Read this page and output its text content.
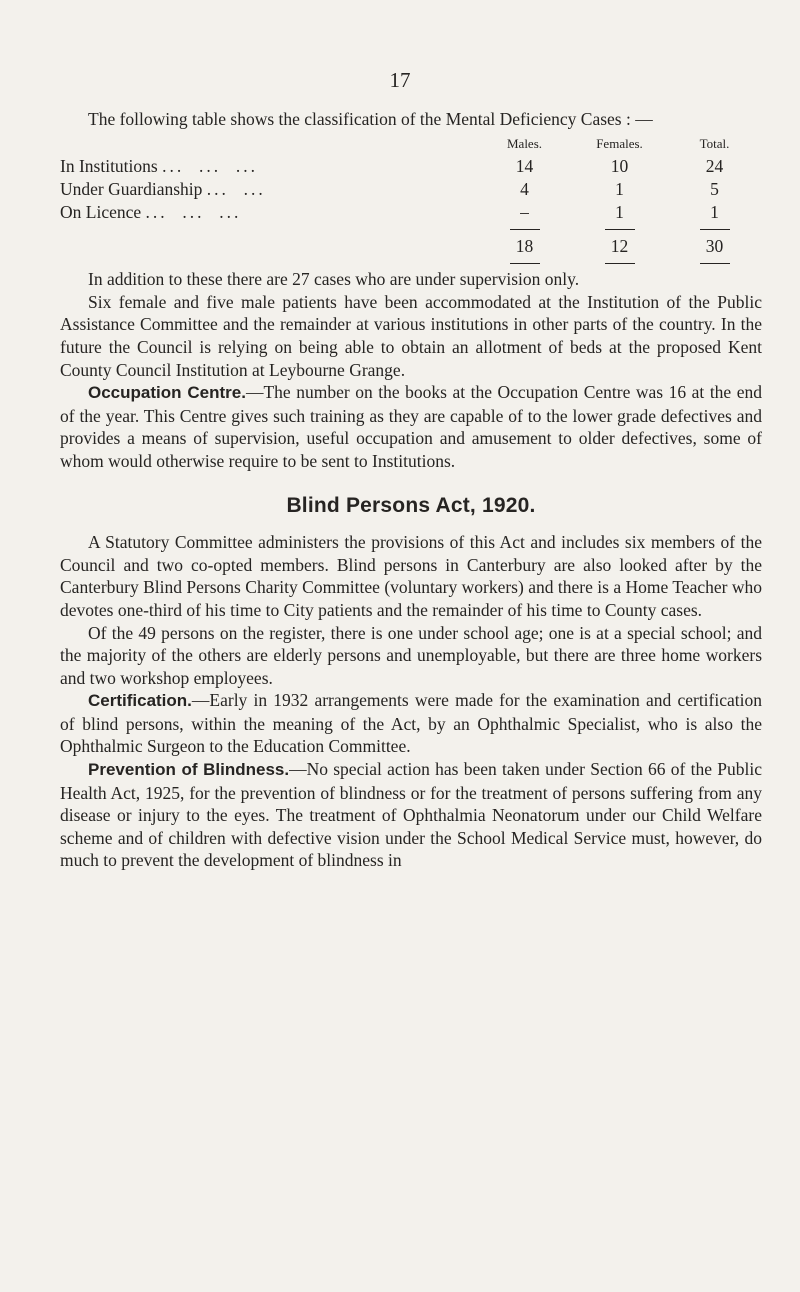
17

The following table shows the classification of the Mental Deficiency Cases : —

	Males.	Females.	Total.
In Institutions ...  ...  ...	14	10	24
Under Guardianship ...  ...	4	1	5
On Licence ...  ...  ...	–	1	1

	18	12	30

In addition to these there are 27 cases who are under supervision only.

Six female and five male patients have been accommodated at the Institution of the Public Assistance Committee and the remainder at various institutions in other parts of the country. In the future the Council is relying on being able to obtain an allotment of beds at the proposed Kent County Council Institution at Leybourne Grange.

Occupation Centre.—The number on the books at the Occupation Centre was 16 at the end of the year. This Centre gives such training as they are capable of to the lower grade defectives and provides a means of supervision, useful occupation and amusement to older defectives, some of whom would otherwise require to be sent to Institutions.

Blind Persons Act, 1920.

A Statutory Committee administers the provisions of this Act and includes six members of the Council and two co-opted members. Blind persons in Canterbury are also looked after by the Canterbury Blind Persons Charity Committee (voluntary workers) and there is a Home Teacher who devotes one-third of his time to City patients and the remainder of his time to County cases.

Of the 49 persons on the register, there is one under school age; one is at a special school; and the majority of the others are elderly persons and unemployable, but there are three home workers and two workshop employees.

Certification.—Early in 1932 arrangements were made for the examination and certification of blind persons, within the meaning of the Act, by an Ophthalmic Specialist, who is also the Ophthalmic Surgeon to the Education Committee.

Prevention of Blindness.—No special action has been taken under Section 66 of the Public Health Act, 1925, for the prevention of blindness or for the treatment of persons suffering from any disease or injury to the eyes. The treatment of Ophthalmia Neonatorum under our Child Welfare scheme and of children with defective vision under the School Medical Service must, however, do much to prevent the development of blindness in
